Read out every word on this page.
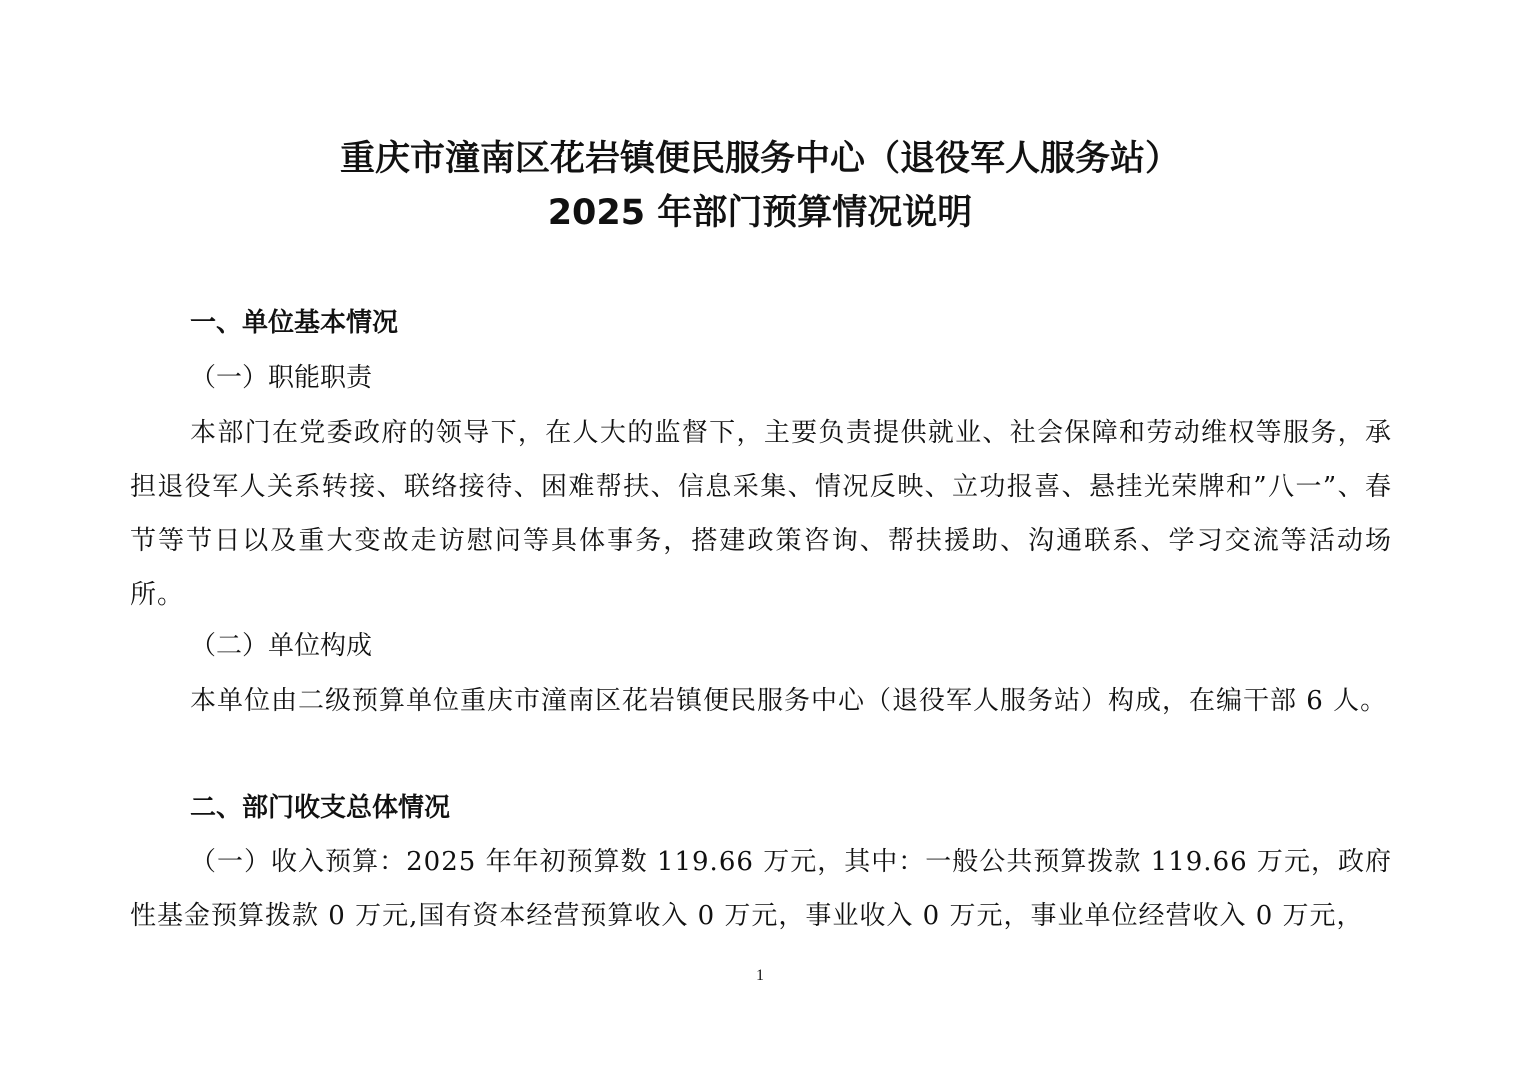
重庆市潼南区花岩镇便民服务中心（退役军人服务站）
2025 年部门预算情况说明
一、单位基本情况
（一）职能职责

本部门在党委政府的领导下，在人大的监督下，主要负责提供就业、社会保障和劳动维权等服务，承担退役军人关系转接、联络接待、困难帮扶、信息采集、情况反映、立功报喜、悬挂光荣牌和”八一”、春节等节日以及重大变故走访慰问等具体事务，搭建政策咨询、帮扶援助、沟通联系、学习交流等活动场所。

（二）单位构成

本单位由二级预算单位重庆市潼南区花岩镇便民服务中心（退役军人服务站）构成，在编干部 6 人。

二、部门收支总体情况

（一）收入预算：2025 年年初预算数 119.66 万元，其中：一般公共预算拨款 119.66 万元，政府性基金预算拨款 0 万元,国有资本经营预算收入 0 万元，事业收入 0 万元，事业单位经营收入 0 万元，

1
